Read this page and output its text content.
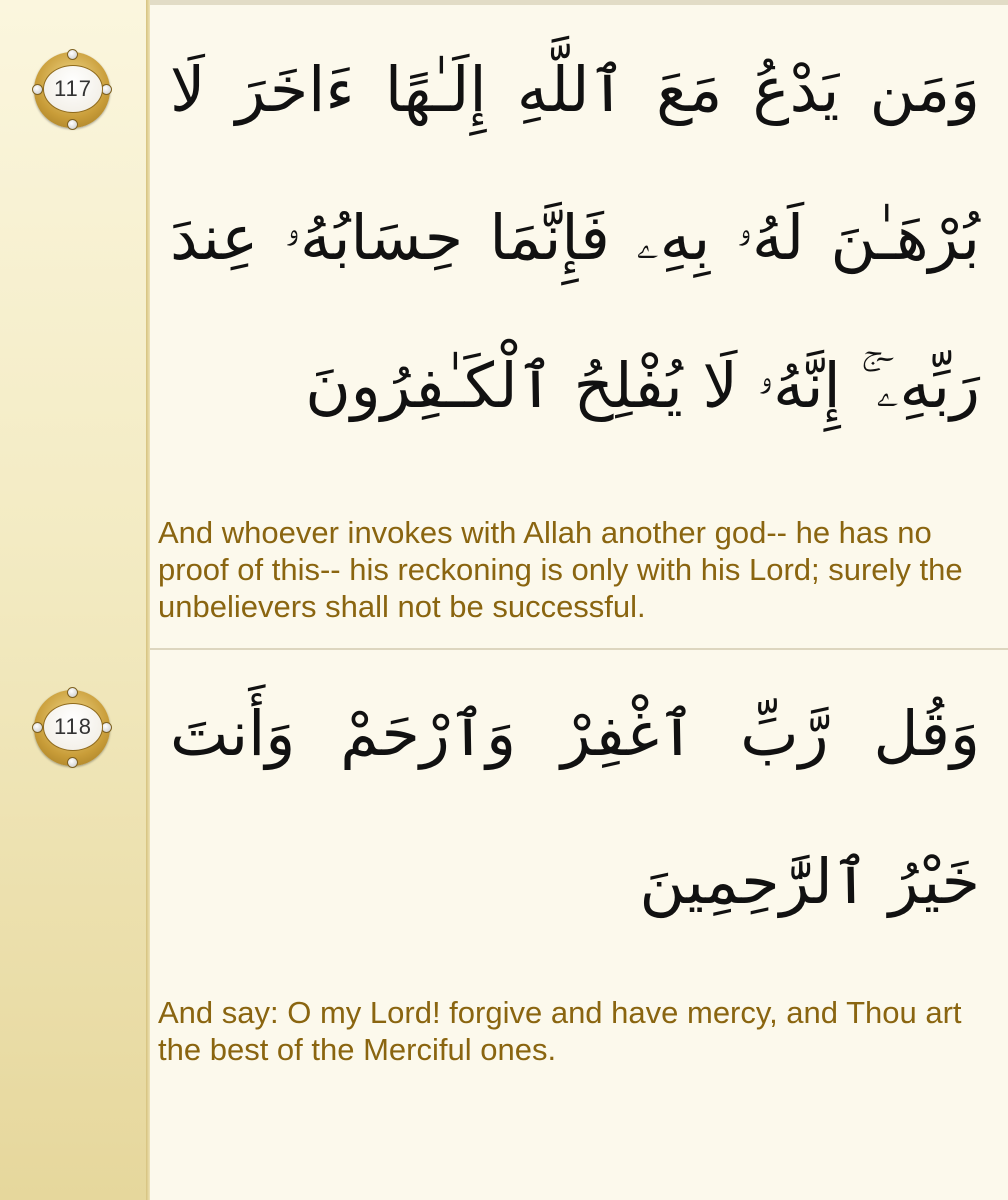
117
118

وَمَن يَدْعُ مَعَ ٱللَّهِ إِلَـٰهًا ءَاخَرَ لَا بُرْهَـٰنَ لَهُۥ بِهِۦ فَإِنَّمَا حِسَابُهُۥ عِندَ رَبِّهِۦٓ ۚ إِنَّهُۥ لَا يُفْلِحُ ٱلْكَـٰفِرُونَ

And whoever invokes with Allah another god-- he has no proof of this-- his reckoning is only with his Lord; surely the unbelievers shall not be successful.

وَقُل رَّبِّ ٱغْفِرْ وَٱرْحَمْ وَأَنتَ خَيْرُ ٱلرَّٰحِمِينَ

And say: O my Lord! forgive and have mercy, and Thou art the best of the Merciful ones.
